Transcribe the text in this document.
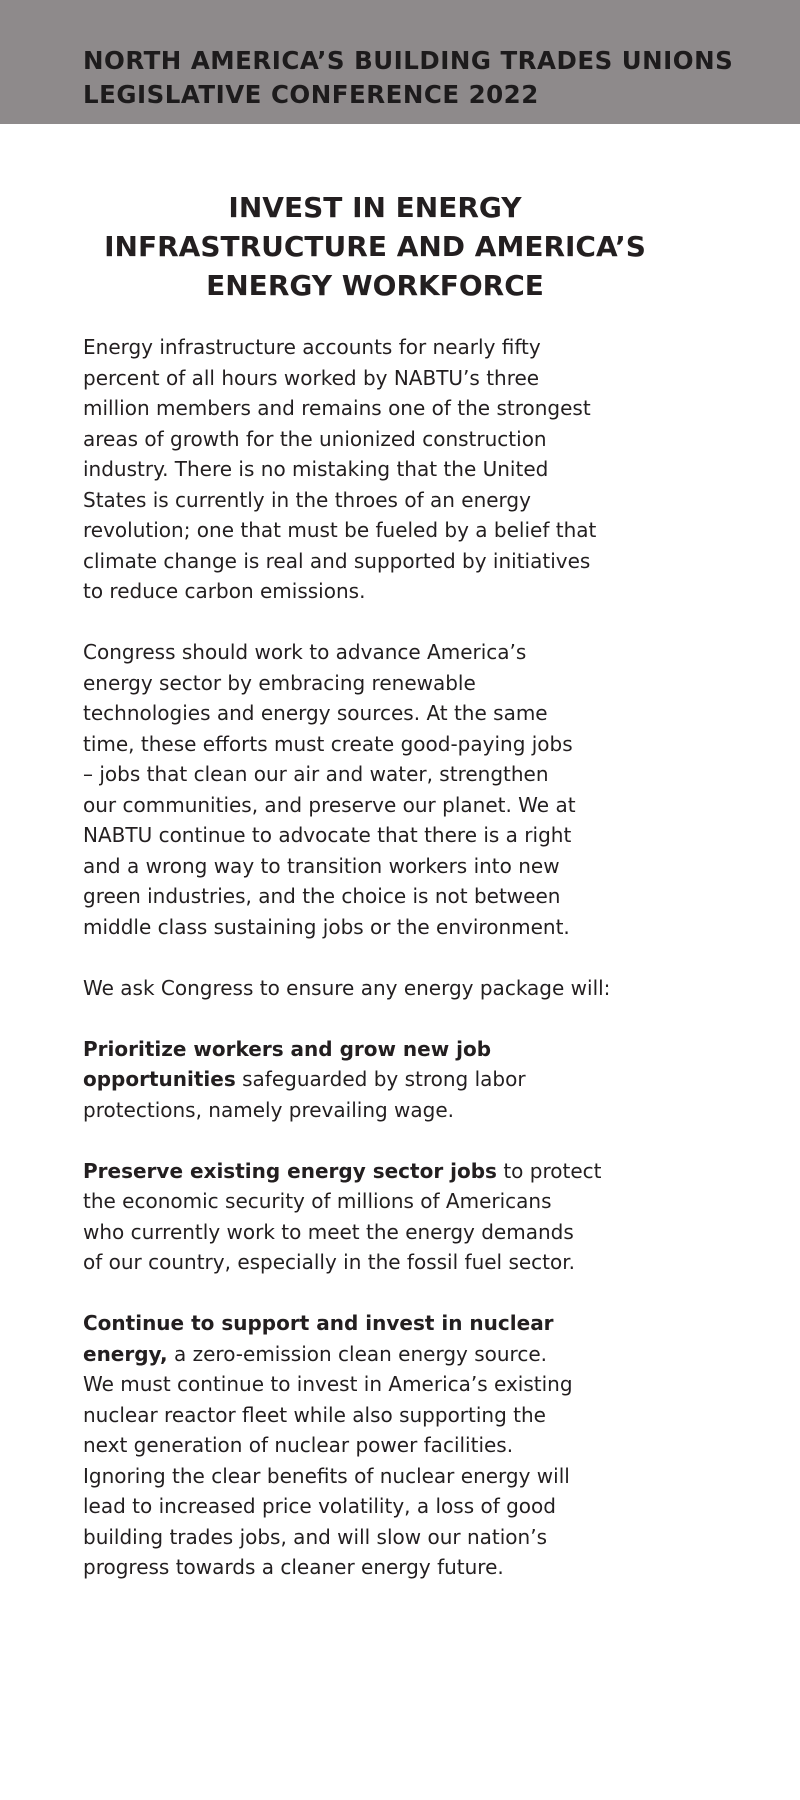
NORTH AMERICA’S BUILDING TRADES UNIONS
LEGISLATIVE CONFERENCE 2022
INVEST IN ENERGY
INFRASTRUCTURE AND AMERICA’S
ENERGY WORKFORCE

Energy infrastructure accounts for nearly fifty
percent of all hours worked by NABTU’s three
million members and remains one of the strongest
areas of growth for the unionized construction
industry. There is no mistaking that the United
States is currently in the throes of an energy
revolution; one that must be fueled by a belief that
climate change is real and supported by initiatives
to reduce carbon emissions.

Congress should work to advance America’s
energy sector by embracing renewable
technologies and energy sources. At the same
time, these efforts must create good-paying jobs
– jobs that clean our air and water, strengthen
our communities, and preserve our planet. We at
NABTU continue to advocate that there is a right
and a wrong way to transition workers into new
green industries, and the choice is not between
middle class sustaining jobs or the environment.

We ask Congress to ensure any energy package will:

Prioritize workers and grow new job
opportunities safeguarded by strong labor
protections, namely prevailing wage.

Preserve existing energy sector jobs to protect
the economic security of millions of Americans
who currently work to meet the energy demands
of our country, especially in the fossil fuel sector.

Continue to support and invest in nuclear
energy, a zero-emission clean energy source.
We must continue to invest in America’s existing
nuclear reactor fleet while also supporting the
next generation of nuclear power facilities.
Ignoring the clear benefits of nuclear energy will
lead to increased price volatility, a loss of good
building trades jobs, and will slow our nation’s
progress towards a cleaner energy future.
